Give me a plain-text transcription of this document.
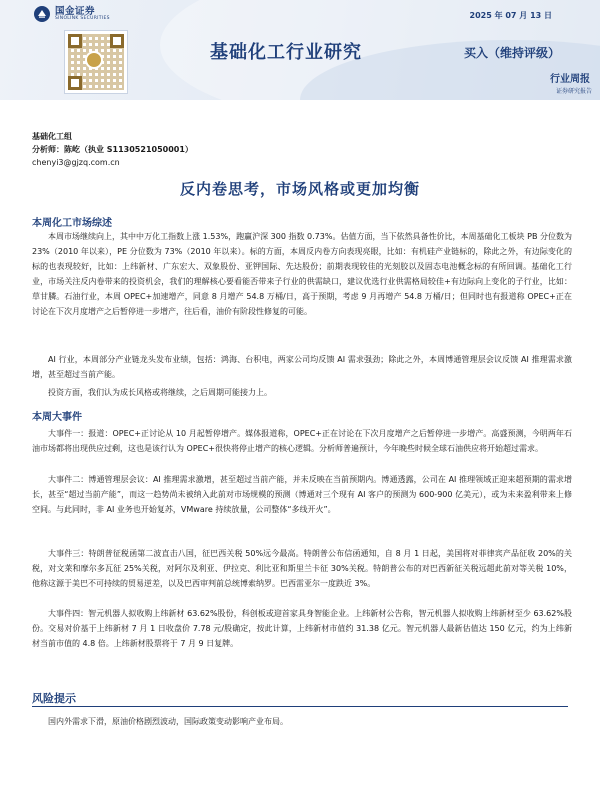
国金证券
SINOLINK SECURITIES	2025 年 07 月 13 日
基础化工行业研究	买入（维持评级）
行业周报
证券研究报告
基础化工组
分析师：陈屹（执业 S1130521050001）
chenyi3@gjzq.com.cn
反内卷思考，市场风格或更加均衡
本周化工市场综述

本周市场继续向上，其中中万化工指数上涨 1.53%，跑赢沪深 300 指数 0.73%。估值方面，当下依然具备性价比，本周基础化工板块 PB 分位数为 23%（2010 年以来），PE 分位数为 73%（2010 年以来）。标的方面，本周反内卷方向表现亮眼，比如：有机硅产业链标的，除此之外，有边际变化的标的也表现较好，比如：上纬新材、广东宏大、双象股份、亚钾国际、先达股份；前期表现较佳的光刻胶以及固态电池概念标的有所回调。基础化工行业，市场关注反内卷带来的投资机会，我们的理解核心要看能否带来子行业的供需缺口，建议优选行业供需格局较佳+有边际向上变化的子行业，比如：草甘膦。石油行业，本周 OPEC+加速增产，同意 8 月增产 54.8 万桶/日，高于预期，考虑 9 月再增产 54.8 万桶/日；但同时也有报道称 OPEC+正在讨论在下次月度增产之后暂停进一步增产，往后看，油价有阶段性修复的可能。

AI 行业，本周部分产业链龙头发布业绩，包括：鸿海、台积电，两家公司均反馈 AI 需求强劲；除此之外，本周博通管理层会议反馈 AI 推理需求激增，甚至超过当前产能。

投资方面，我们认为成长风格或将继续，之后周期可能接力上。

本周大事件

大事件一：报道：OPEC+正讨论从 10 月起暂停增产。媒体报道称，OPEC+正在讨论在下次月度增产之后暂停进一步增产。高盛预测，今明两年石油市场都将出现供应过剩，这也是该行认为 OPEC+很快将停止增产的核心逻辑。分析师普遍预计，今年晚些时候全球石油供应将开始超过需求。

大事件二：博通管理层会议：AI 推理需求激增，甚至超过当前产能，并未反映在当前预期内。博通透露，公司在 AI 推理领域正迎来超预期的需求增长，甚至“超过当前产能”，而这一趋势尚未被纳入此前对市场规模的预测（博通对三个现有 AI 客户的预测为 600-900 亿美元），或为未来盈利带来上修空间。与此同时，非 AI 业务也开始复苏，VMware 持续放量，公司整体“多线开火”。

大事件三：特朗普征税函第二波直击八国，征巴西关税 50%远今最高。特朗普公布信函通知，自 8 月 1 日起，美国将对菲律宾产品征收 20%的关税，对文莱和摩尔多瓦征 25%关税，对阿尔及利亚、伊拉克、利比亚和斯里兰卡征 30%关税。特朗普公布的对巴西新征关税远超此前对等关税 10%，他称这源于美巴不可持续的贸易逆差，以及巴西审判前总统博索纳罗。巴西雷亚尔一度跌近 3%。

大事件四：智元机器人拟收购上纬新材 63.62%股份，科创板或迎首家具身智能企业。上纬新材公告称，智元机器人拟收购上纬新材至少 63.62%股份。交易对价基于上纬新材 7 月 1 日收盘价 7.78 元/股确定，按此计算，上纬新材市值约 31.38 亿元。智元机器人最新估值达 150 亿元，约为上纬新材当前市值的 4.8 倍。上纬新材股票将于 7 月 9 日复牌。

风险提示
国内外需求下滑，原油价格剧烈波动，国际政策变动影响产业布局。
